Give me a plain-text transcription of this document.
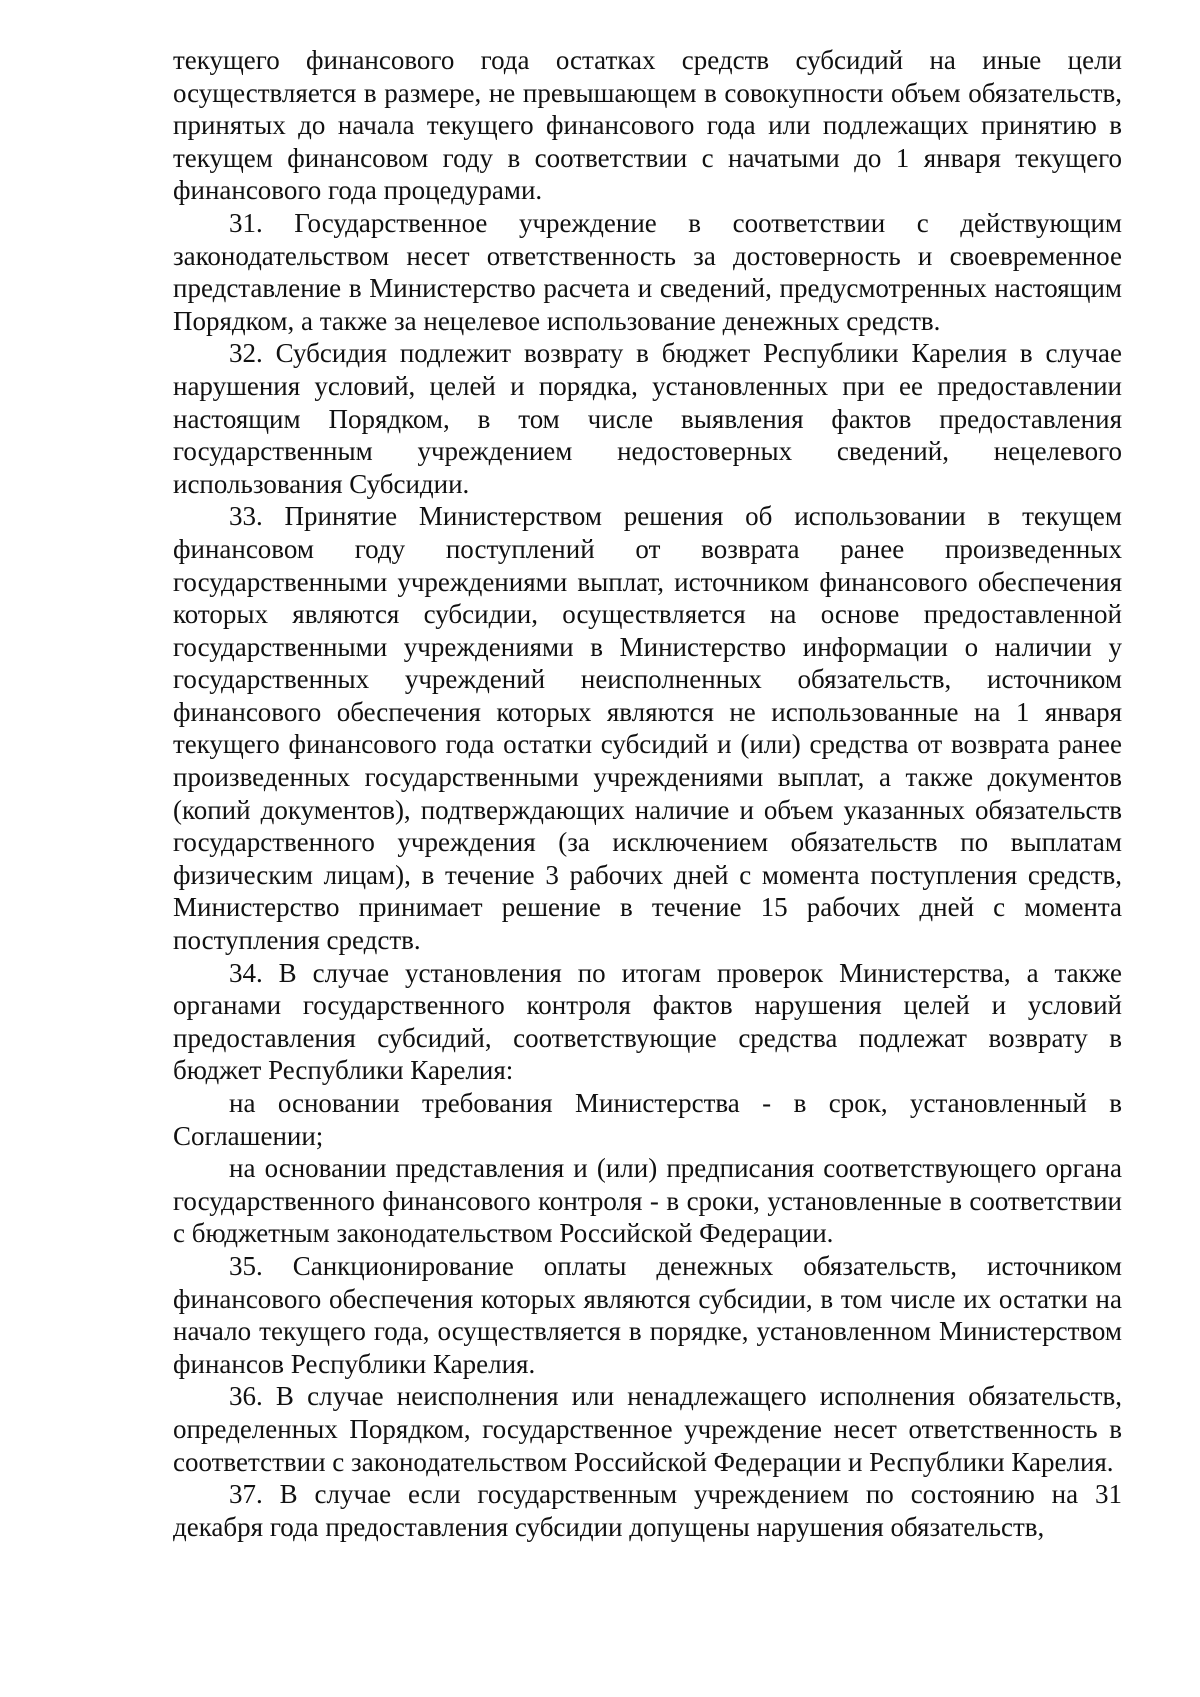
текущего финансового года остатках средств субсидий на иные цели осуществляется в размере, не превышающем в совокупности объем обязательств, принятых до начала текущего финансового года или подлежащих принятию в текущем финансовом году в соответствии с начатыми до 1 января текущего финансового года процедурами.

31. Государственное учреждение в соответствии с действующим законодательством несет ответственность за достоверность и своевременное представление в Министерство расчета и сведений, предусмотренных настоящим Порядком, а также за нецелевое использование денежных средств.

32. Субсидия подлежит возврату в бюджет Республики Карелия в случае нарушения условий, целей и порядка, установленных при ее предоставлении настоящим Порядком, в том числе выявления фактов предоставления государственным учреждением недостоверных сведений, нецелевого использования Субсидии.

33. Принятие Министерством решения об использовании в текущем финансовом году поступлений от возврата ранее произведенных государственными учреждениями выплат, источником финансового обеспечения которых являются субсидии, осуществляется на основе предоставленной государственными учреждениями в Министерство информации о наличии у государственных учреждений неисполненных обязательств, источником финансового обеспечения которых являются не использованные на 1 января текущего финансового года остатки субсидий и (или) средства от возврата ранее произведенных государственными учреждениями выплат, а также документов (копий документов), подтверждающих наличие и объем указанных обязательств государственного учреждения (за исключением обязательств по выплатам физическим лицам), в течение 3 рабочих дней с момента поступления средств, Министерство принимает решение в течение 15 рабочих дней с момента поступления средств.

34. В случае установления по итогам проверок Министерства, а также органами государственного контроля фактов нарушения целей и условий предоставления субсидий, соответствующие средства подлежат возврату в бюджет Республики Карелия:

на основании требования Министерства - в срок, установленный в Соглашении;

на основании представления и (или) предписания соответствующего органа государственного финансового контроля - в сроки, установленные в соответствии с бюджетным законодательством Российской Федерации.

35. Санкционирование оплаты денежных обязательств, источником финансового обеспечения которых являются субсидии, в том числе их остатки на начало текущего года, осуществляется в порядке, установленном Министерством финансов Республики Карелия.

36. В случае неисполнения или ненадлежащего исполнения обязательств, определенных Порядком, государственное учреждение несет ответственность в соответствии с законодательством Российской Федерации и Республики Карелия.

37. В случае если государственным учреждением по состоянию на 31 декабря года предоставления субсидии допущены нарушения обязательств,
